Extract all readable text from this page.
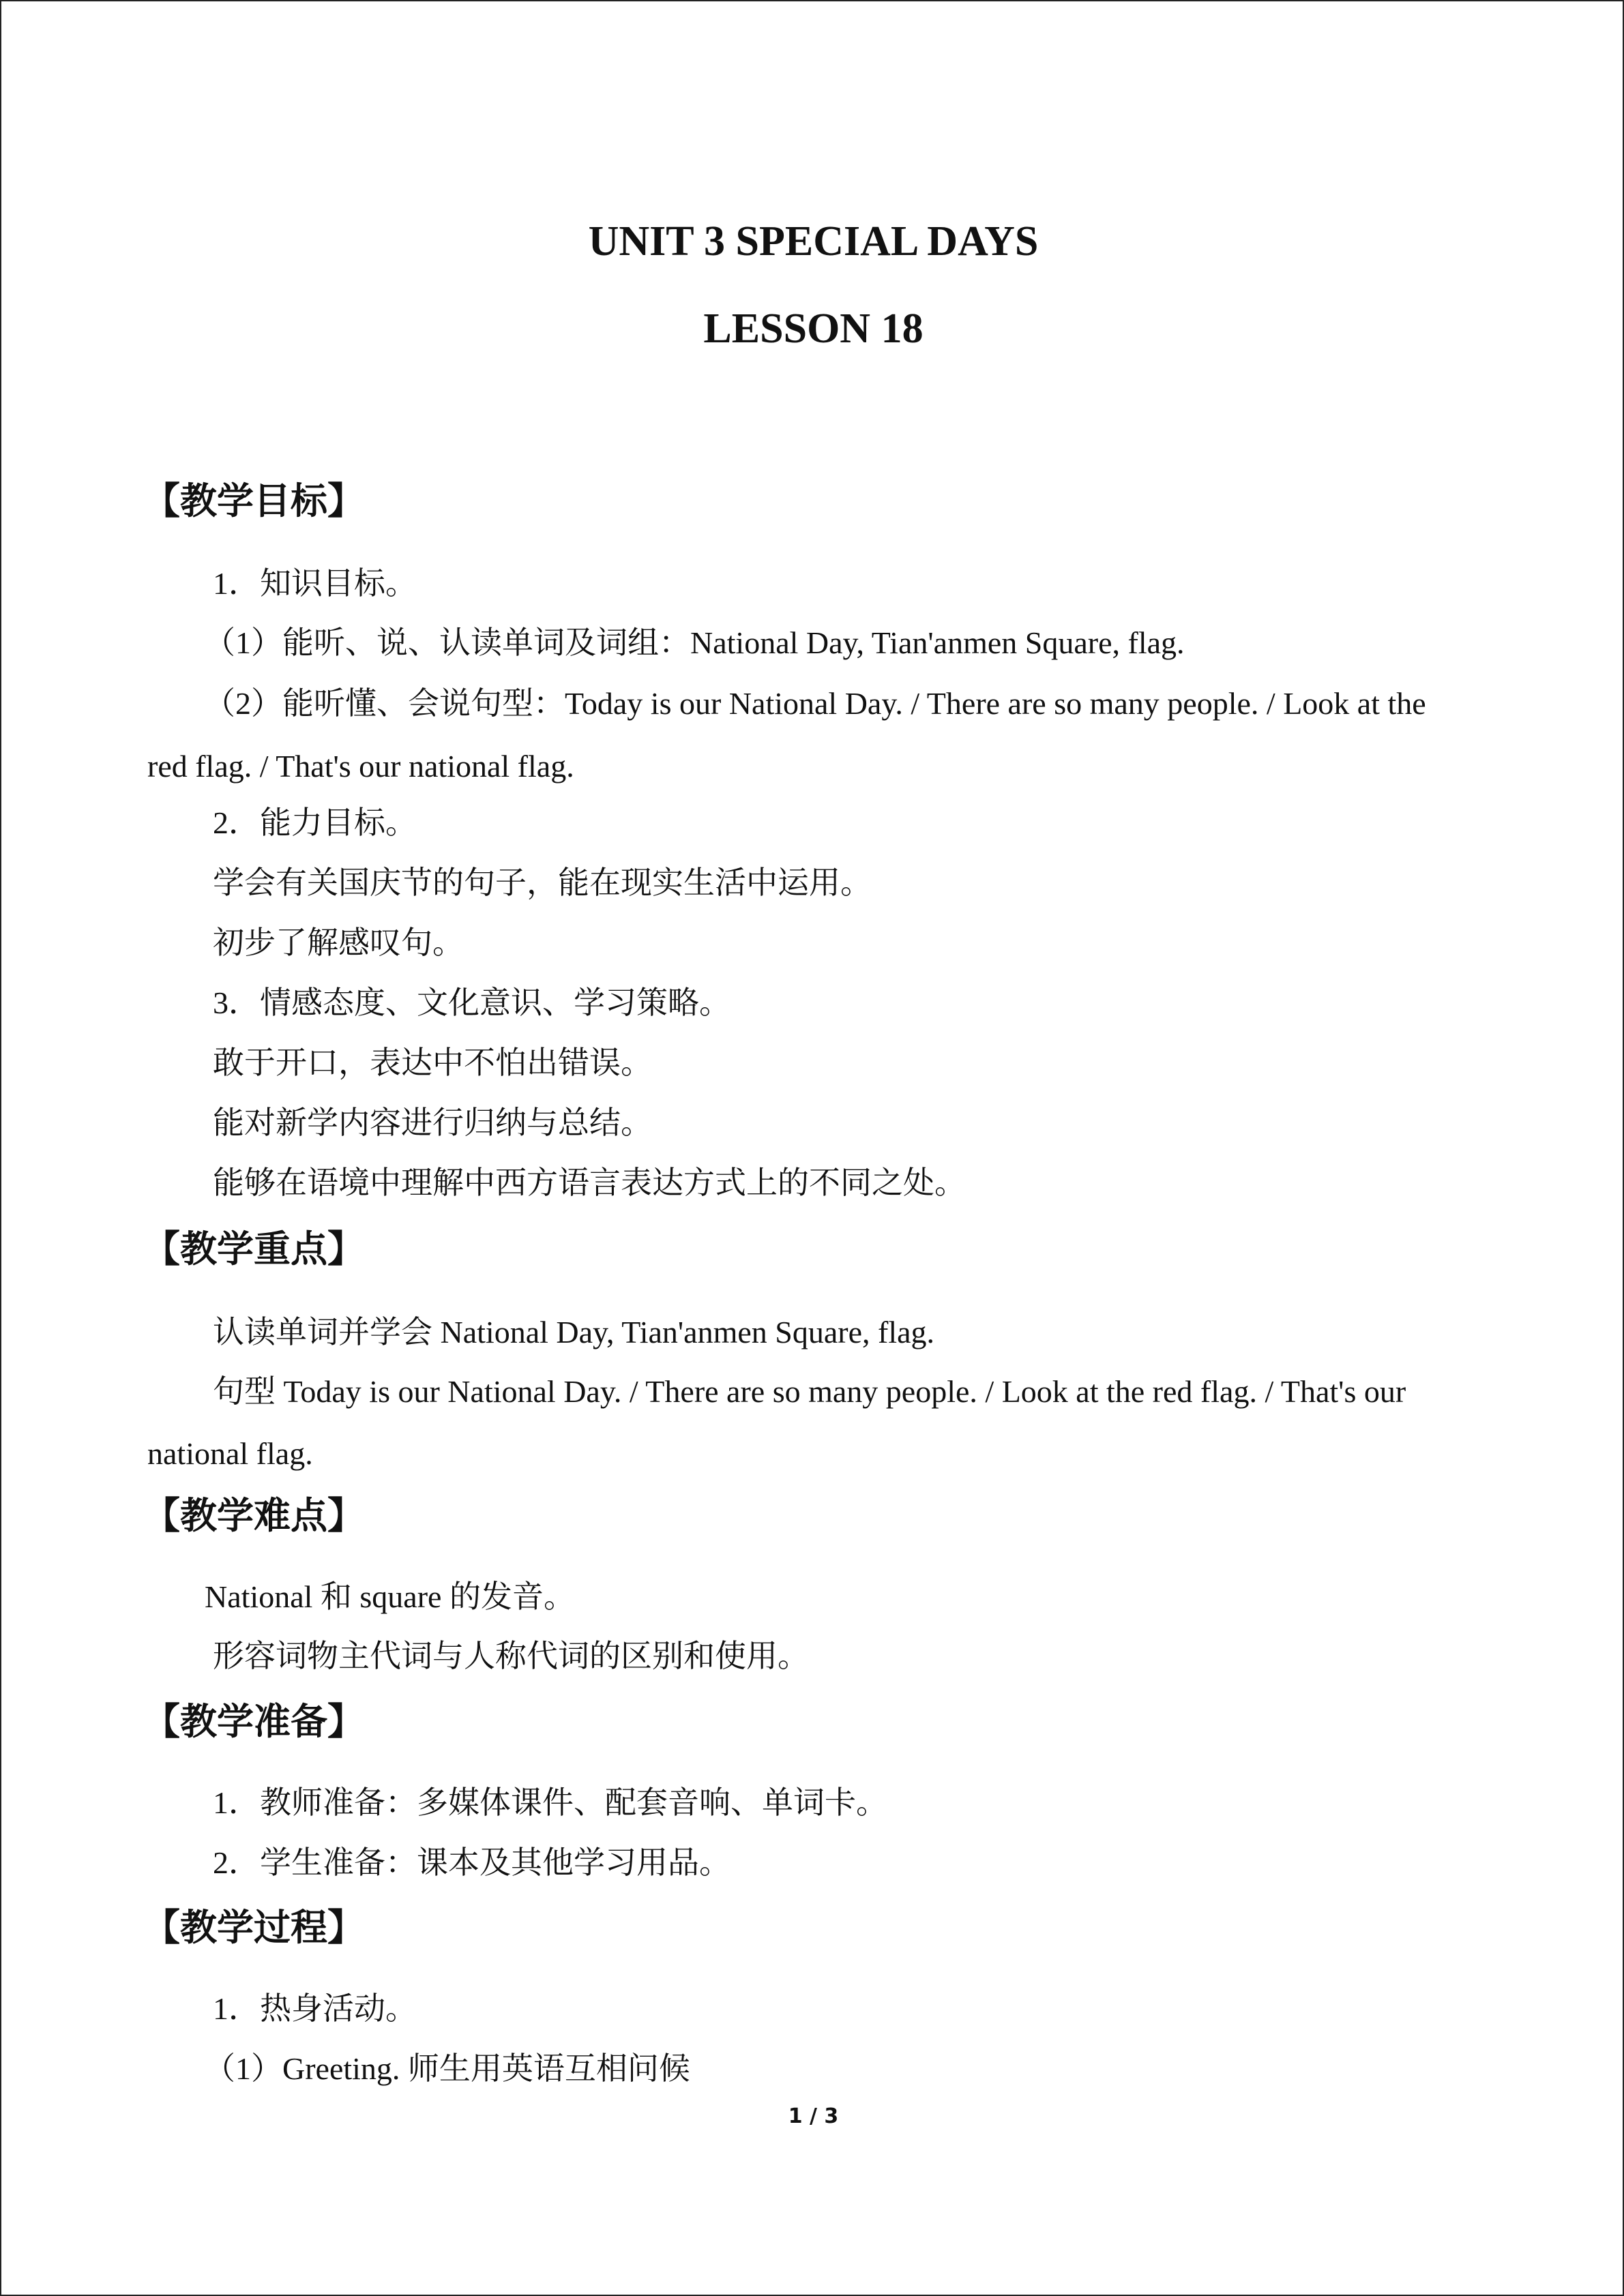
UNIT 3 SPECIAL DAYS
LESSON 18
【教学目标】
1．知识目标。
（1）能听、说、认读单词及词组：National Day, Tian'anmen Square, flag.
（2）能听懂、会说句型：Today is our National Day. / There are so many people. / Look at the
red flag. / That's our national flag.
2．能力目标。
学会有关国庆节的句子，能在现实生活中运用。
初步了解感叹句。
3．情感态度、文化意识、学习策略。
敢于开口，表达中不怕出错误。
能对新学内容进行归纳与总结。
能够在语境中理解中西方语言表达方式上的不同之处。
【教学重点】
认读单词并学会 National Day, Tian'anmen Square, flag.
句型 Today is our National Day. / There are so many people. / Look at the red flag. / That's our
national flag.
【教学难点】
National 和 square 的发音。
形容词物主代词与人称代词的区别和使用。
【教学准备】
1．教师准备：多媒体课件、配套音响、单词卡。
2．学生准备：课本及其他学习用品。
【教学过程】
1．热身活动。
（1）Greeting. 师生用英语互相问候
1 / 3
